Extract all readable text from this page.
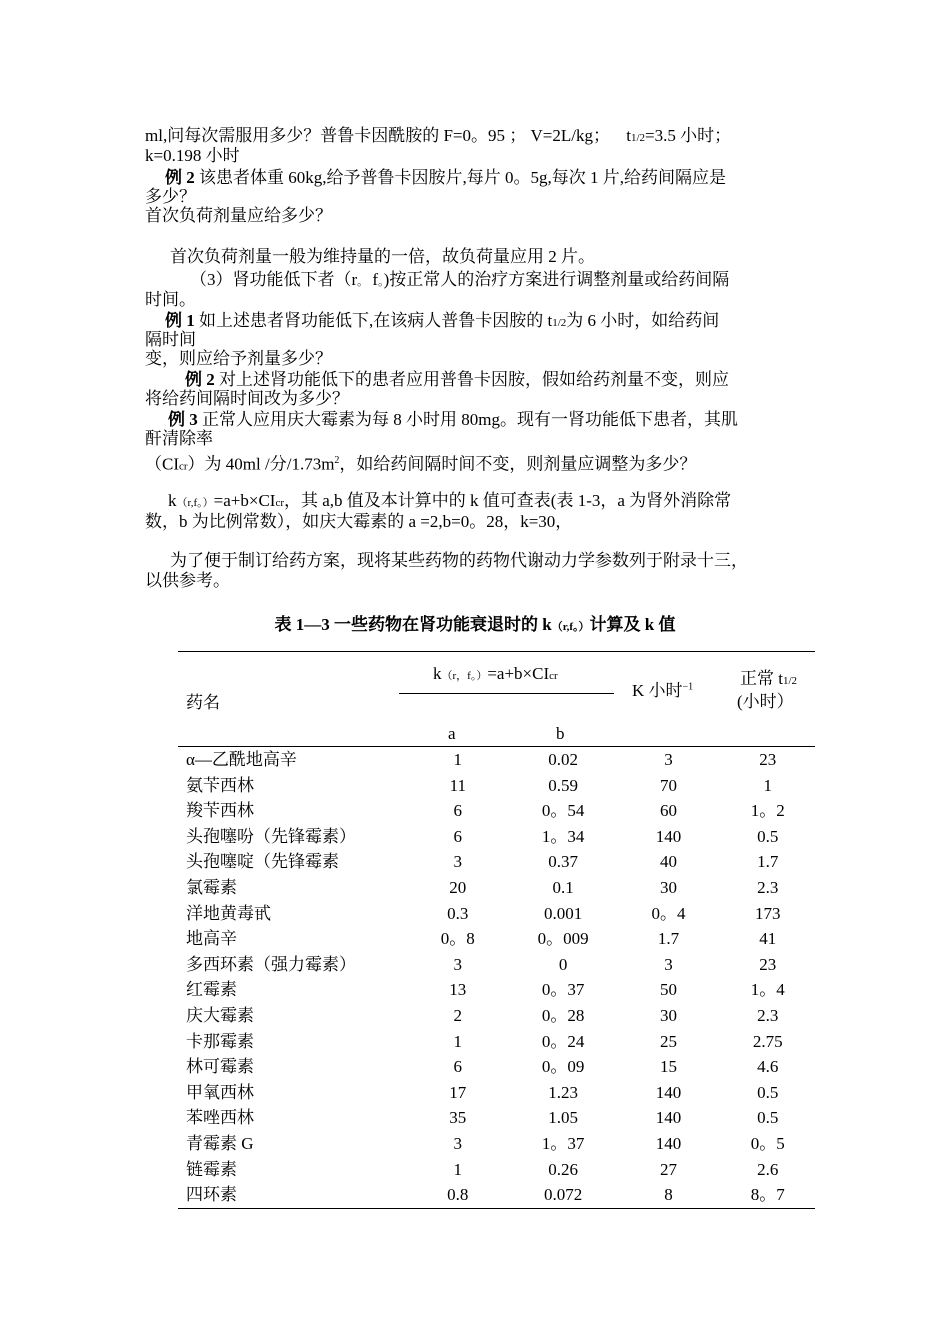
ml,问每次需服用多少？普鲁卡因酰胺的 F=0。95 ； V=2L/kg； t1/2=3.5 小时；
k=0.198 小时
例 2 该患者体重 60kg,给予普鲁卡因胺片,每片 0。5g,每次 1 片,给药间隔应是
多少？
首次负荷剂量应给多少？
首次负荷剂量一般为维持量的一倍，故负荷量应用 2 片。
（3）肾功能低下者（r。 f。)按正常人的治疗方案进行调整剂量或给药间隔
时间。
例 1 如上述患者肾功能低下,在该病人普鲁卡因胺的 t1/2为 6 小时，如给药间
隔时间
变，则应给予剂量多少？
例 2 对上述肾功能低下的患者应用普鲁卡因胺，假如给药剂量不变，则应
将给药间隔时间改为多少？
例 3 正常人应用庆大霉素为每 8 小时用 80mg。现有一肾功能低下患者，其肌
酐清除率
（CIcr）为 40ml /分$/1.73m^2$，如给药间隔时间不变，则剂量应调整为多少？
k（r,f。）=a+b×CIcr，其 a,b 值及本计算中的 k 值可查表(表 1-3，a 为肾外消除常
数，b 为比例常数），如庆大霉素的 a =2,b=0。28，k=30，
为了便于制订给药方案，现将某些药物的药物代谢动力学参数列于附录十三，
以供参考。
表 1—3 一些药物在肾功能衰退时的 k（r,f。）计算及 k 值
药名
k（r，f。）=a+b×CIcr
a	b
K 小时$^{-1}$	正常 t1/2
(小时）
α—乙酰地高辛	1	0.02	3	23
氨苄西林	11	0.59	70	1
羧苄西林	6	0。54	60	1。2
头孢噻吩（先锋霉素）	6	1。34	140	0.5
头孢噻啶（先锋霉素	3	0.37	40	1.7
氯霉素	20	0.1	30	2.3
洋地黄毒甙	0.3	0.001	0。4	173
地高辛	0。8	0。009	1.7	41
多西环素（强力霉素）	3	0	3	23
红霉素	13	0。37	50	1。4
庆大霉素	2	0。28	30	2.3
卡那霉素	1	0。24	25	2.75
林可霉素	6	0。09	15	4.6
甲氧西林	17	1.23	140	0.5
苯唑西林	35	1.05	140	0.5
青霉素 G	3	1。37	140	0。5
链霉素	1	0.26	27	2.6
四环素	0.8	0.072	8	8。7
